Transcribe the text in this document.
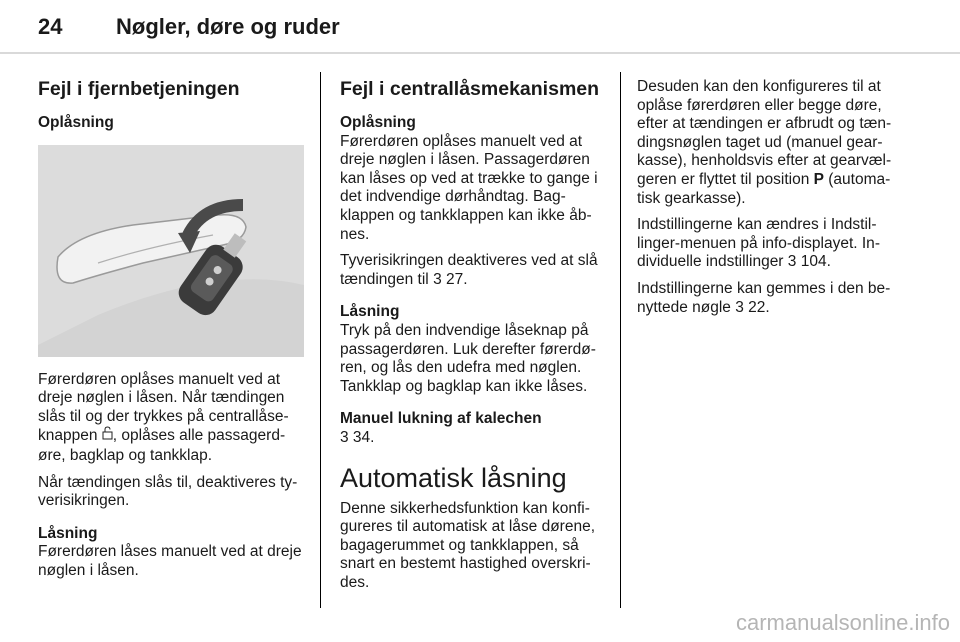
24 Nøgler, døre og ruder
Fejl i fjernbetjeningen
Oplåsning

Førerdøren oplåses manuelt ved at dreje nøglen i låsen. Når tændingen slås til og der trykkes på centrallåseknappen , oplåses alle passagerdøre, bagklap og tankklap.

Når tændingen slås til, deaktiveres tyverisikringen.

Låsning

Førerdøren låses manuelt ved at dreje nøglen i låsen.

Fejl i centrallåsmekanismen
Oplåsning

Førerdøren oplåses manuelt ved at dreje nøglen i låsen. Passagerdøren kan låses op ved at trække to gange i det indvendige dørhåndtag. Bagklappen og tankklappen kan ikke åbnes.

Tyverisikringen deaktiveres ved at slå tændingen til 3 27.

Låsning

Tryk på den indvendige låseknap på passagerdøren. Luk derefter førerdøren, og lås den udefra med nøglen. Tankklap og bagklap kan ikke låses.

Manuel lukning af kalechen

3 34.

Automatisk låsning

Denne sikkerhedsfunktion kan konfigureres til automatisk at låse dørene, bagagerummet og tankklappen, så snart en bestemt hastighed overskrides.

Desuden kan den konfigureres til at oplåse førerdøren eller begge døre, efter at tændingen er afbrudt og tændingsnøglen taget ud (manuel gearkasse), henholdsvis efter at gearvælgeren er flyttet til position P (automatisk gearkasse).

Indstillingerne kan ændres i Indstillinger-menuen på info-displayet. Individuelle indstillinger 3 104.

Indstillingerne kan gemmes i den benyttede nøgle 3 22.

carmanualsonline.info
